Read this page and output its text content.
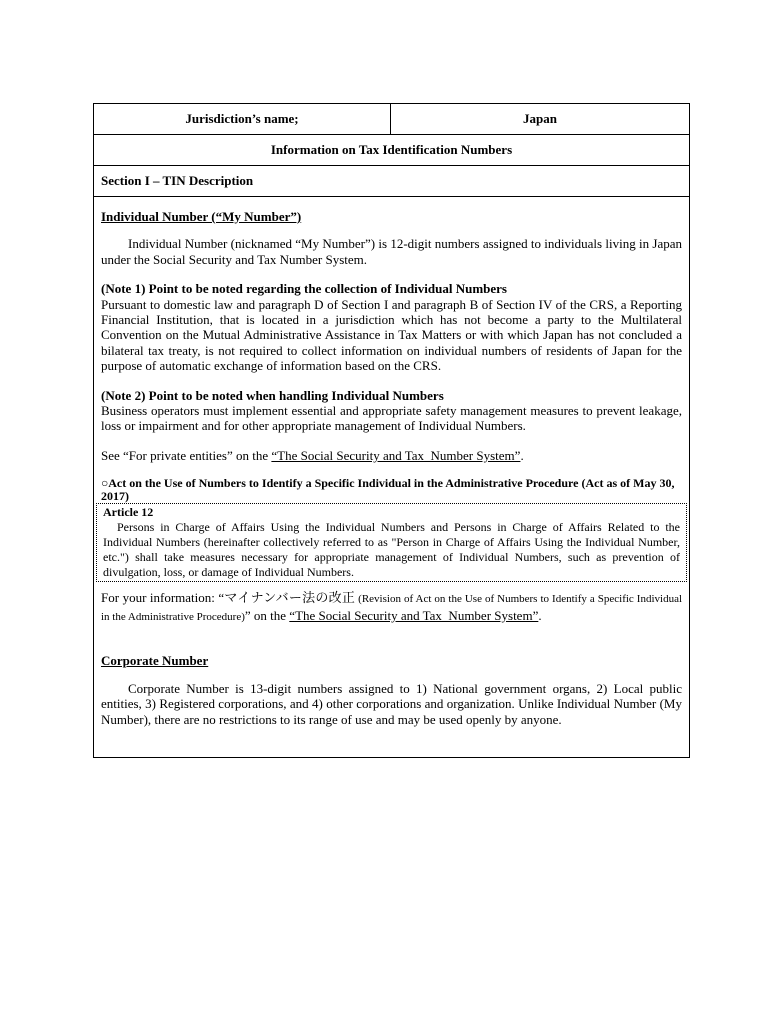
Jurisdiction’s name;	Japan
Information on Tax Identification Numbers
Section I – TIN Description
Individual Number (“My Number”)

Individual Number (nicknamed “My Number”) is 12-digit numbers assigned to individuals living in Japan under the Social Security and Tax Number System.

(Note 1) Point to be noted regarding the collection of Individual Numbers
Pursuant to domestic law and paragraph D of Section I and paragraph B of Section IV of the CRS, a Reporting Financial Institution, that is located in a jurisdiction which has not become a party to the Multilateral Convention on the Mutual Administrative Assistance in Tax Matters or with which Japan has not concluded a bilateral tax treaty, is not required to collect information on individual numbers of residents of Japan for the purpose of automatic exchange of information based on the CRS.

(Note 2) Point to be noted when handling Individual Numbers
Business operators must implement essential and appropriate safety management measures to prevent leakage, loss or impairment and for other appropriate management of Individual Numbers.

See “For private entities” on the “The Social Security and Tax_Number System”.

○Act on the Use of Numbers to Identify a Specific Individual in the Administrative Procedure (Act as of May 30, 2017)

Article 12

Persons in Charge of Affairs Using the Individual Numbers and Persons in Charge of Affairs Related to the Individual Numbers (hereinafter collectively referred to as "Person in Charge of Affairs Using the Individual Number, etc.") shall take measures necessary for appropriate management of Individual Numbers, such as prevention of divulgation, loss, or damage of Individual Numbers.

For your information: “マイナンバー法の改正 (Revision of Act on the Use of Numbers to Identify a Specific Individual in the Administrative Procedure)” on the “The Social Security and Tax_Number System”.

Corporate Number

Corporate Number is 13-digit numbers assigned to 1) National government organs, 2) Local public entities, 3) Registered corporations, and 4) other corporations and organization. Unlike Individual Number (My Number), there are no restrictions to its range of use and may be used openly by anyone.
